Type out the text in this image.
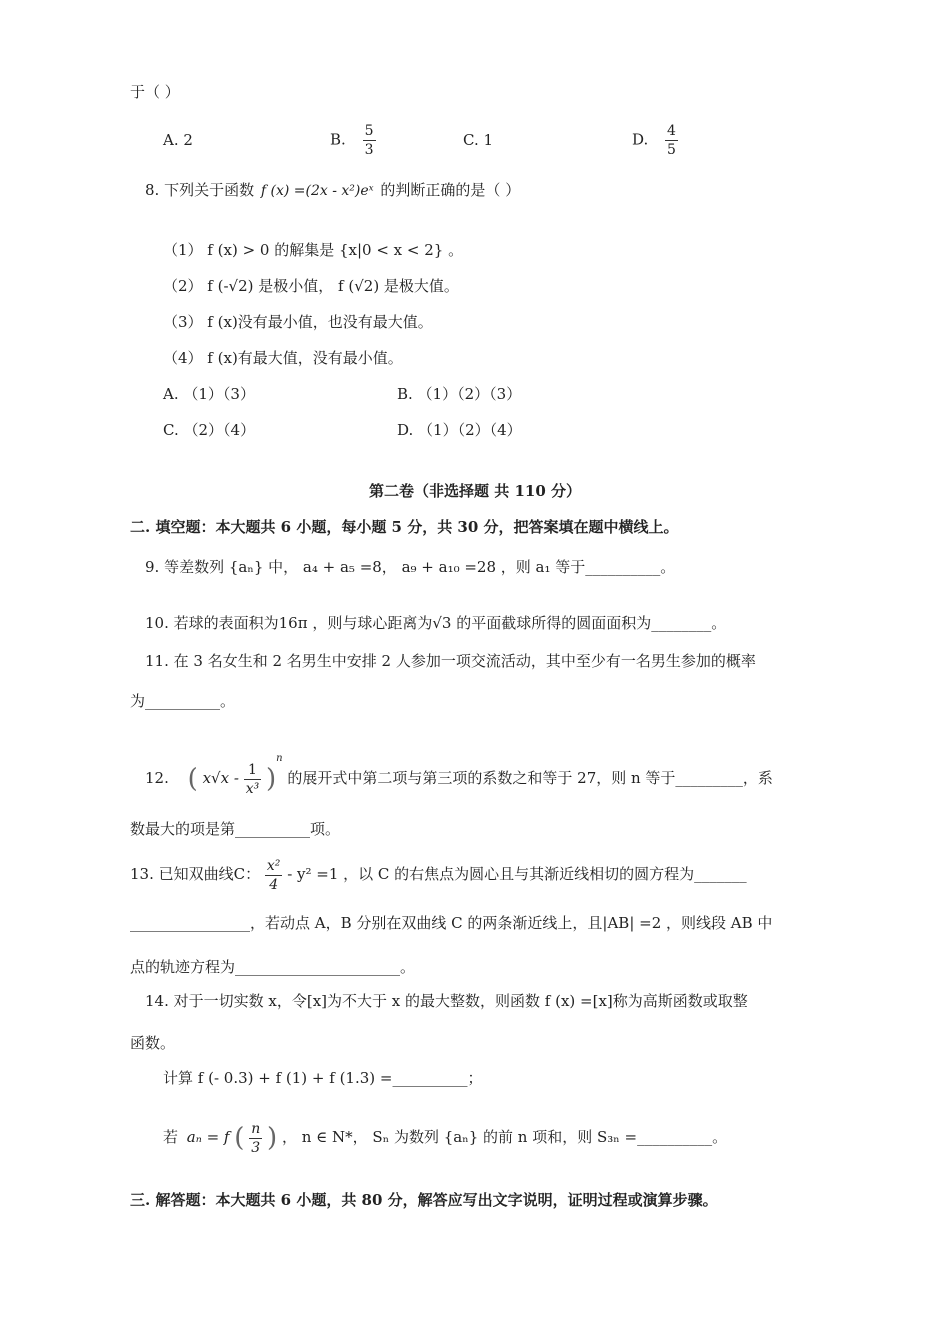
于（ ）
A. 2	B. $\frac{5}{3}$	C. 1	D. $\frac{4}{5}$
8. 下列关于函数 f (x) =(2x - x²)eˣ 的判断正确的是（ ）
（1） f (x) > 0 的解集是 {x|0 < x < 2} 。
（2） f (-√2) 是极小值， f (√2) 是极大值。
（3） f (x)没有最小值，也没有最大值。
（4） f (x)有最大值，没有最小值。
A. （1）（3）	B. （1）（2）（3）
C. （2）（4）	D. （1）（2）（4）
第二卷（非选择题 共 110 分）
二. 填空题：本大题共 6 小题，每小题 5 分，共 30 分，把答案填在题中横线上。
9. 等差数列 {aₙ} 中， a₄ + a₅ =8， a₉ + a₁₀ =28 ，则 a₁ 等于__________。
10. 若球的表面积为16π ，则与球心距离为√3 的平面截球所得的圆面面积为________。
11. 在 3 名女生和 2 名男生中安排 2 人参加一项交流活动，其中至少有一名男生参加的概率
为__________。
12. ( $x√x - \frac{1}{\text{x³}} )^n$ 的展开式中第二项与第三项的系数之和等于 27，则 n 等于_________，系
数最大的项是第__________项。
13. 已知双曲线C： $\frac{\text{x²}}{4} - y^2 =1$ ，以 C 的右焦点为圆心且与其渐近线相切的圆方程为_______
________________，若动点 A，B 分别在双曲线 C 的两条渐近线上，且|AB| =2 ，则线段 AB 中
点的轨迹方程为______________________。
14. 对于一切实数 x，令[x]为不大于 x 的最大整数，则函数 f (x) =[x]称为高斯函数或取整
函数。
计算 f (- 0.3) + f (1) + f (1.3) =__________；
若 aₙ = f ( $\frac{n}{3}$ ) ， n ∈ N*， Sₙ 为数列 {aₙ} 的前 n 项和，则 S₃ₙ =__________。
三. 解答题：本大题共 6 小题，共 80 分，解答应写出文字说明，证明过程或演算步骤。
